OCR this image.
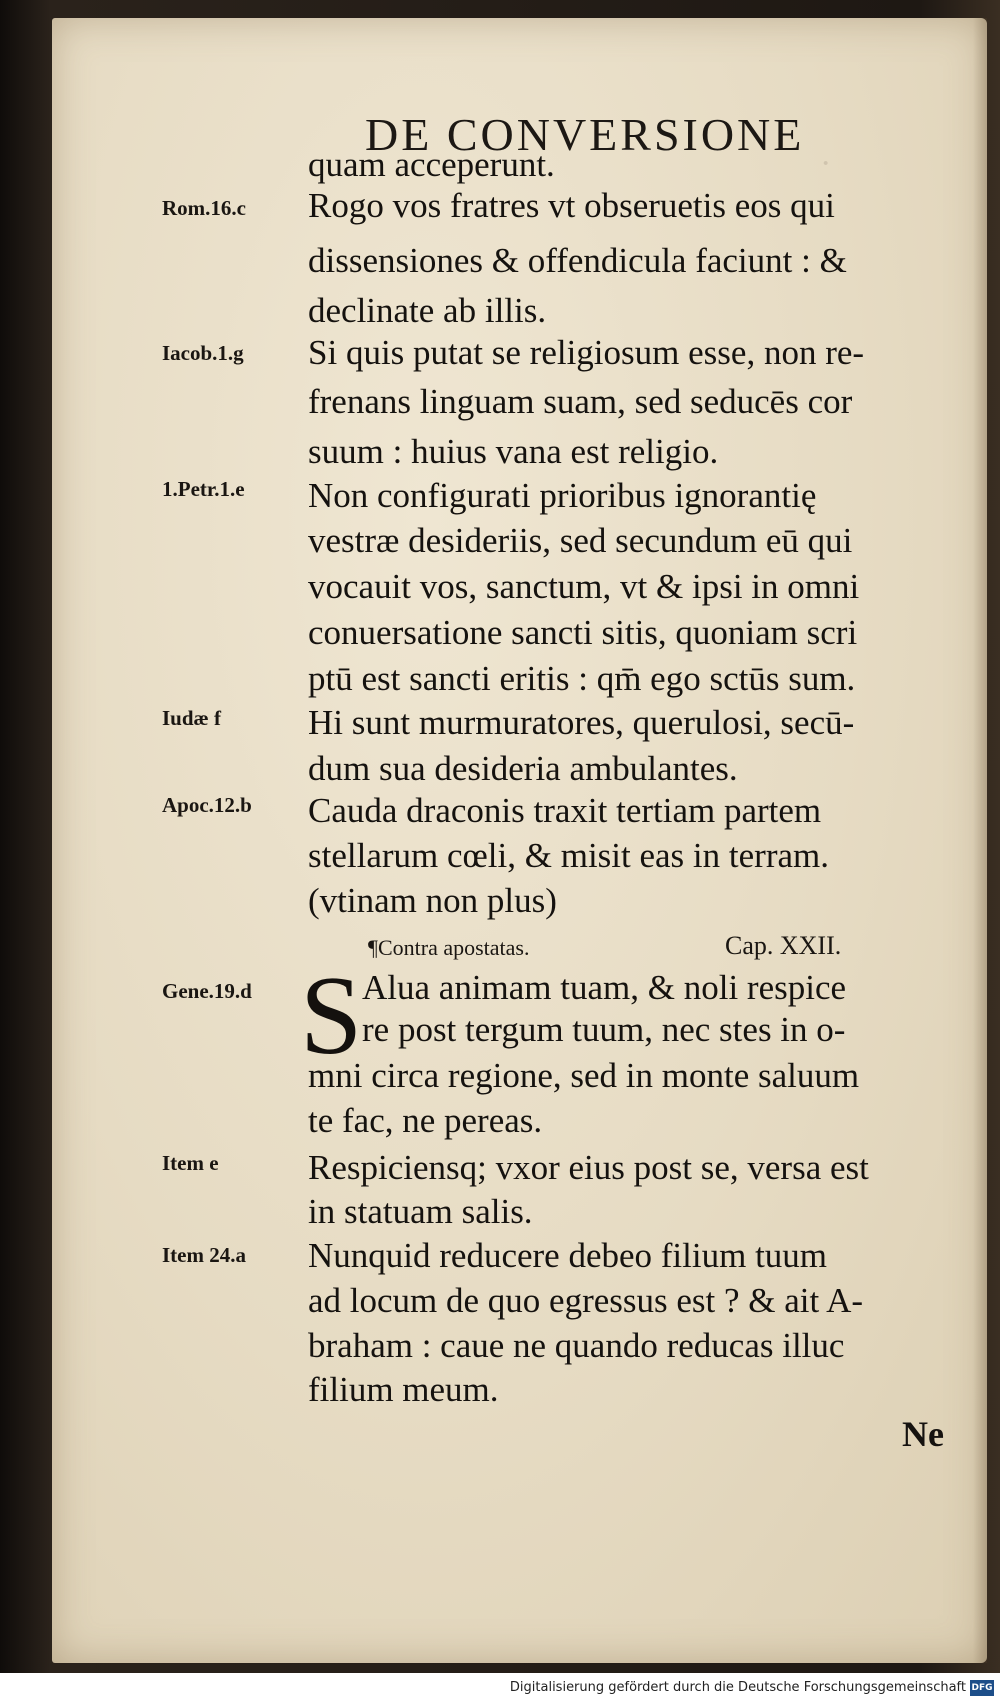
·
DE CONVERSIONE
quam acceperunt.
Rogo vos fratres vt obseruetis eos qui
dissensiones & offendicula faciunt : &
declinate ab illis.
Si quis putat se religiosum esse, non re-
frenans linguam suam, sed seducēs cor
suum : huius vana est religio.
Non configurati prioribus ignorantię
vestræ desideriis, sed secundum eū qui
vocauit vos, sanctum, vt & ipsi in omni
conuersatione sancti sitis, quoniam scri
ptū est sancti eritis : qm̄ ego sctūs sum.
Hi sunt murmuratores, querulosi, secū-
dum sua desideria ambulantes.
Cauda draconis traxit tertiam partem
stellarum cœli, & misit eas in terram.
(vtinam non plus)
S Alua animam tuam, & noli respice
re post tergum tuum, nec stes in o-
mni circa regione, sed in monte saluum
te fac, ne pereas.
Respiciensq; vxor eius post se, versa est
in statuam salis.
Nunquid reducere debeo filium tuum
ad locum de quo egressus est ? & ait A-
braham : caue ne quando reducas illuc
filium meum.
Rom.16.c
Iacob.1.g
1.Petr.1.e
Iudæ f
Apoc.12.b
Gene.19.d
Item e
Item 24.a
¶Contra apostatas.	Cap. XXII.
Ne
Digitalisierung gefördert durch die Deutsche Forschungsgemeinschaft DFG
